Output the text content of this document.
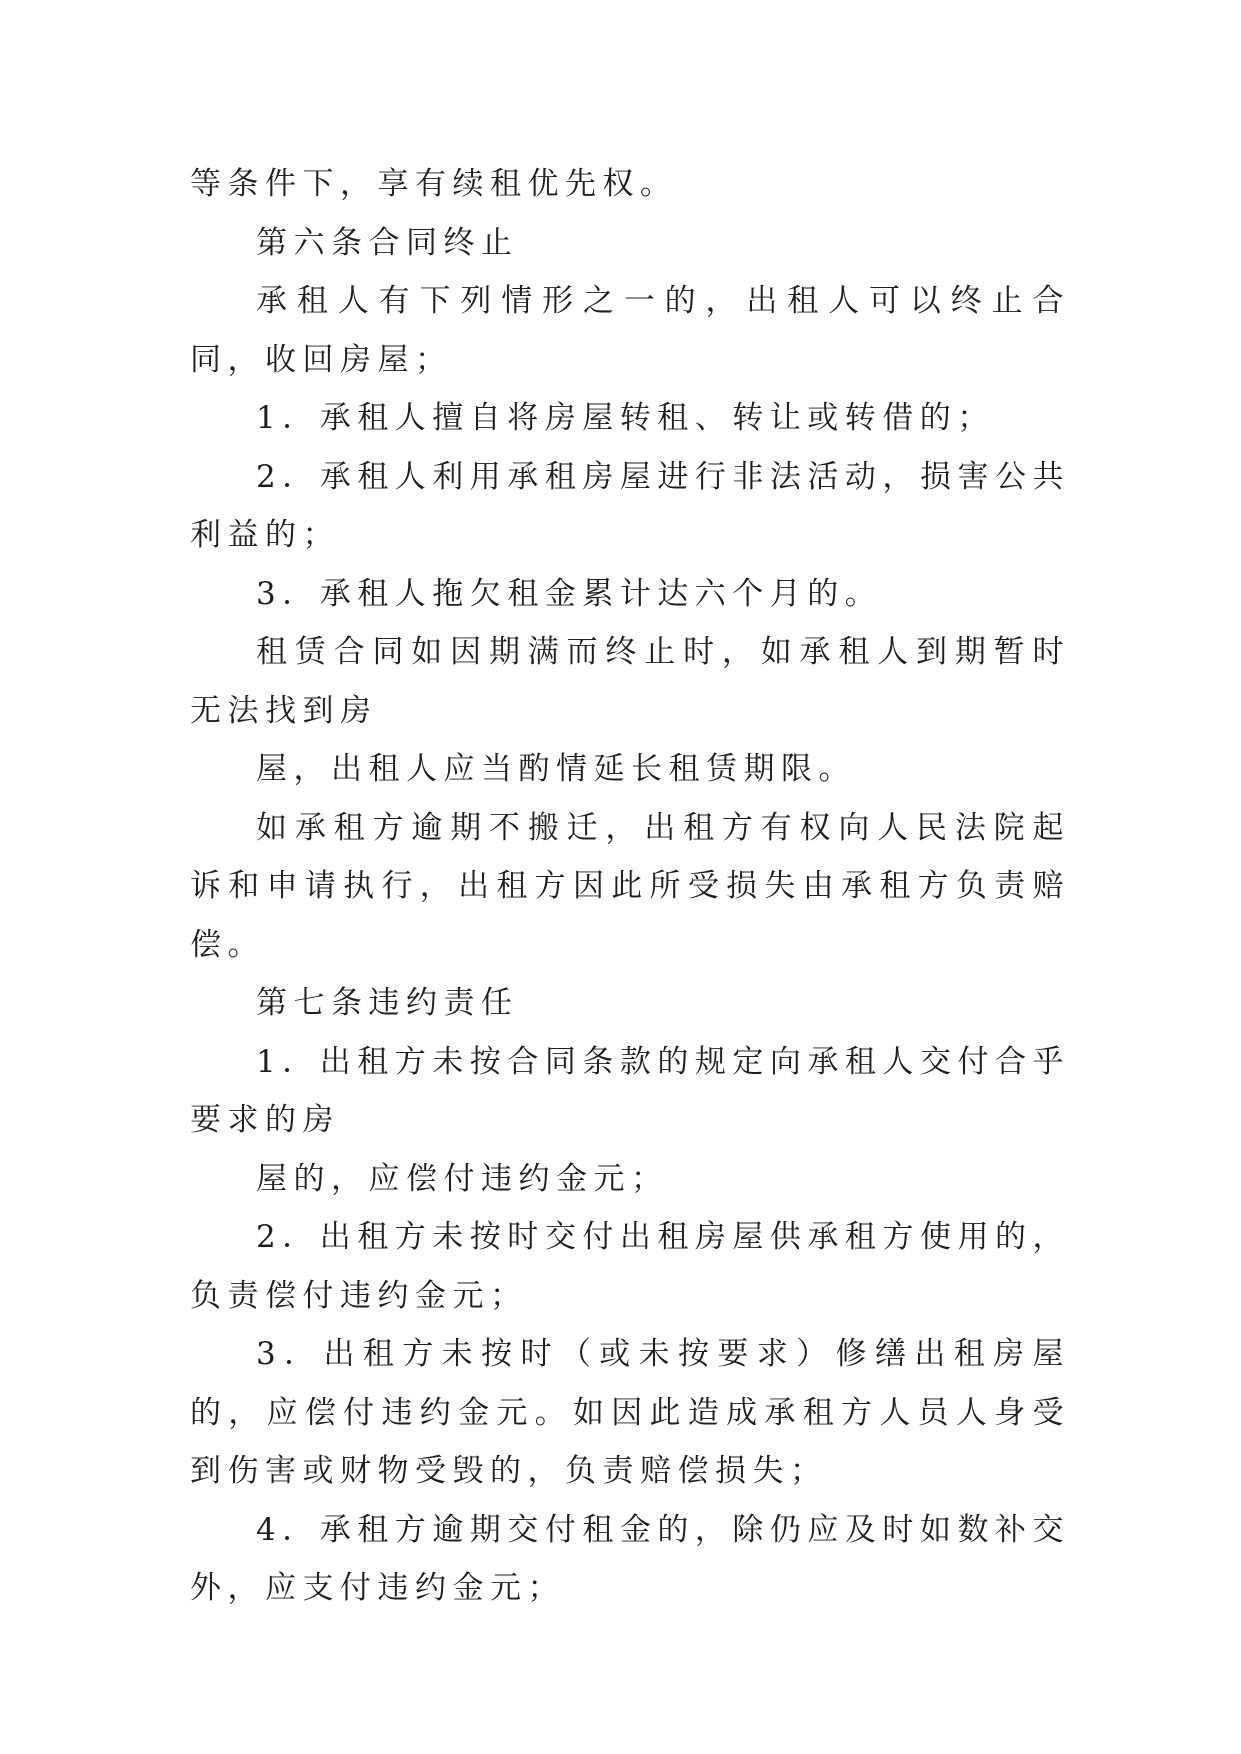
等条件下，享有续租优先权。

第六条合同终止

承租人有下列情形之一的，出租人可以终止合同，收回房屋；

1．承租人擅自将房屋转租、转让或转借的；

2．承租人利用承租房屋进行非法活动，损害公共利益的；

3．承租人拖欠租金累计达六个月的。

租赁合同如因期满而终止时，如承租人到期暂时无法找到房

屋，出租人应当酌情延长租赁期限。

如承租方逾期不搬迁，出租方有权向人民法院起诉和申请执行，出租方因此所受损失由承租方负责赔偿。

第七条违约责任

1．出租方未按合同条款的规定向承租人交付合乎要求的房

屋的，应偿付违约金元；

2．出租方未按时交付出租房屋供承租方使用的，负责偿付违约金元；

3．出租方未按时（或未按要求）修缮出租房屋的，应偿付违约金元。如因此造成承租方人员人身受到伤害或财物受毁的，负责赔偿损失；

4．承租方逾期交付租金的，除仍应及时如数补交外，应支付违约金元；
